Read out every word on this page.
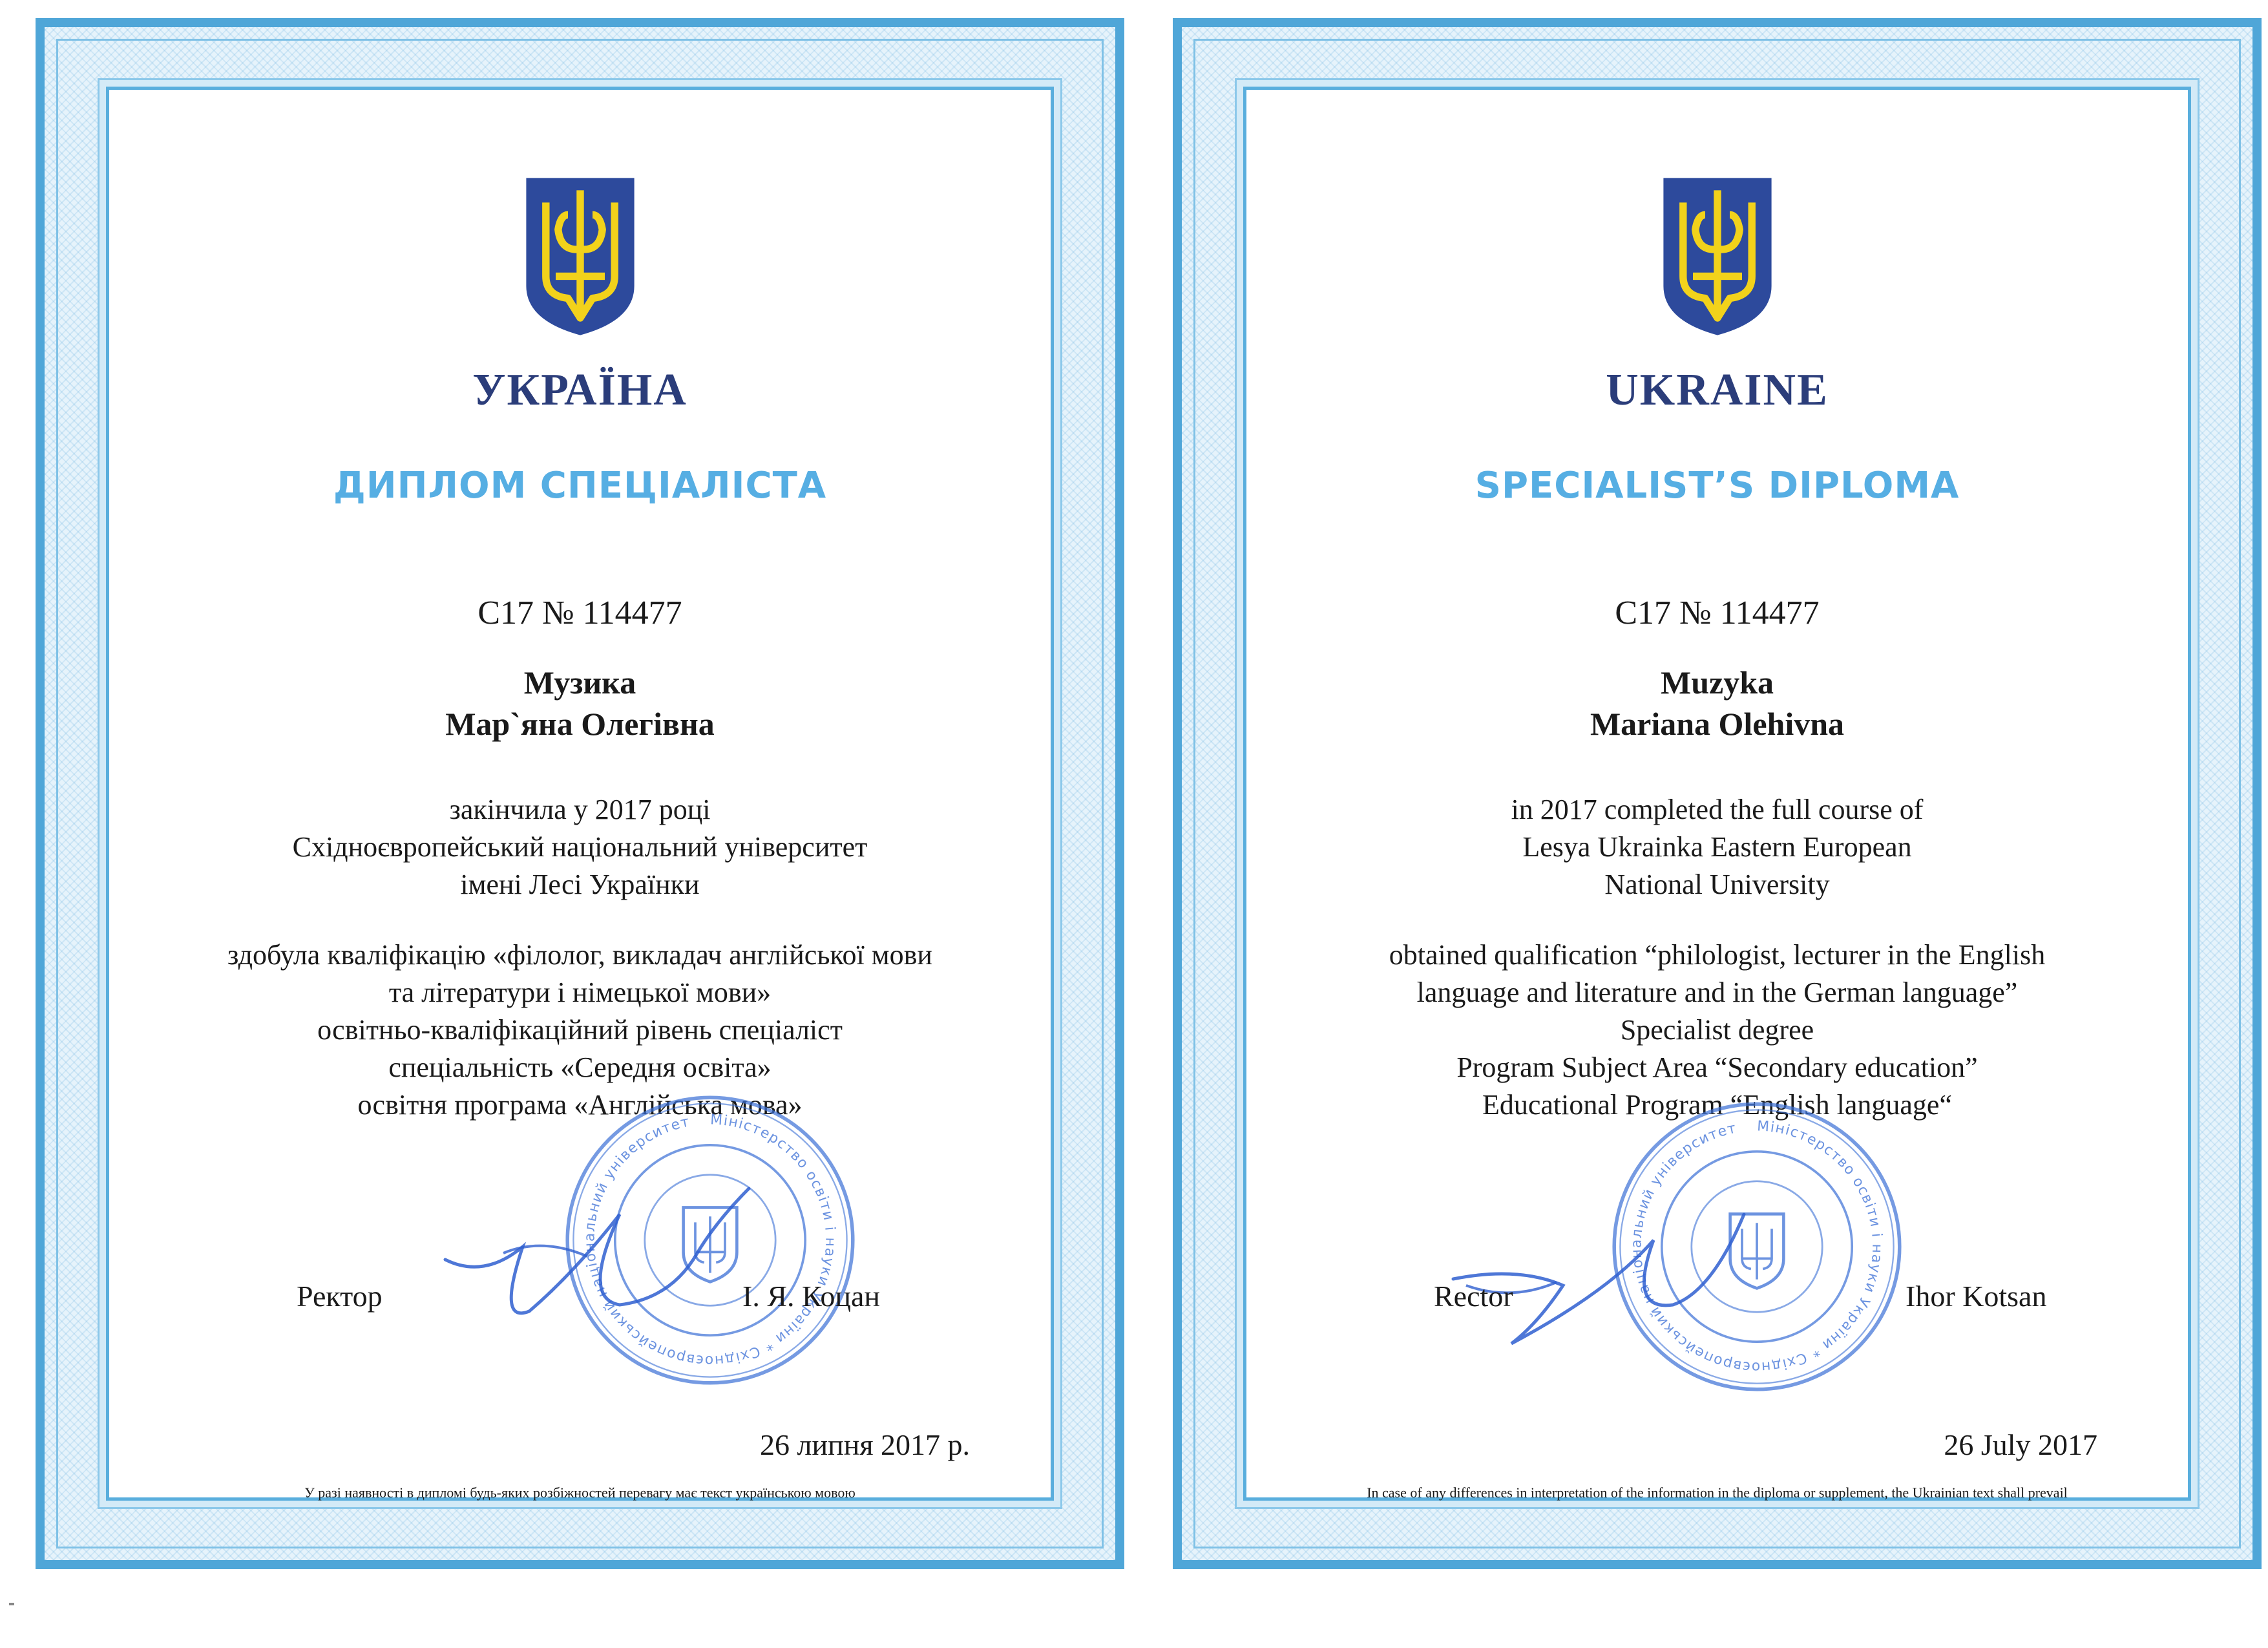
УКРАЇНА
ДИПЛОМ СПЕЦІАЛІСТА
С17 № 114477
Музика
Мар`яна Олегівна
закінчила у 2017 році
Східноєвропейський національний університет
імені Лесі Українки
здобула кваліфікацію «філолог, викладач англійської мови
та літератури і німецької мови»
освітньо-кваліфікаційний рівень спеціаліст
спеціальність «Середня освіта»
освітня програма «Англійська мова»
Ректор	І. Я. Коцан
26 липня 2017 р.
У разі наявності в дипломі будь-яких розбіжностей перевагу має текст українською мовою
UKRAINE
SPECIALIST’S DIPLOMA
С17 № 114477
Muzyka
Mariana Olehivna
in 2017 completed the full course of
Lesya Ukrainka Eastern European
National University
obtained qualification “philologist, lecturer in the English
language and literature and in the German language”
Specialist degree
Program Subject Area “Secondary education”
Educational Program “English language“
Rector	Ihor Kotsan
26 July 2017
In case of any differences in interpretation of the information in the diploma or supplement, the Ukrainian text shall prevail
